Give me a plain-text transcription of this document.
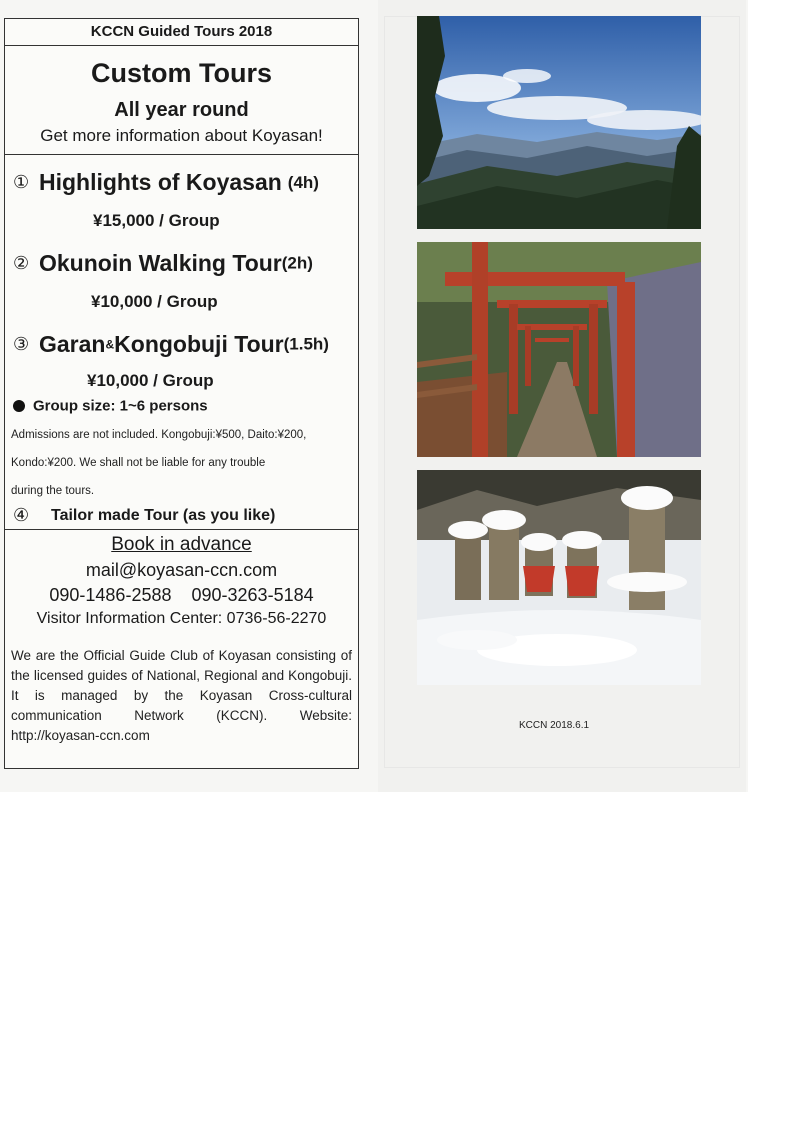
KCCN Guided Tours 2018
Custom Tours
All year round
Get more information about Koyasan!
① Highlights of Koyasan (4h)
¥15,000 / Group
② Okunoin Walking Tour(2h)
¥10,000 / Group
③ Garan&Kongobuji Tour(1.5h)
¥10,000 / Group
Group size: 1~6 persons
Admissions are not included. Kongobuji:¥500, Daito:¥200,
Kondo:¥200. We shall not be liable for any trouble
during the tours.
④ Tailor made Tour (as you like)
Book in advance
mail@koyasan-ccn.com
090-1486-2588 090-3263-5184
Visitor Information Center: 0736-56-2270
We are the Official Guide Club of Koyasan consisting of the licensed guides of National, Regional and Kongobuji. It is managed by the Koyasan Cross-cultural communication Network (KCCN). Website: http://koyasan-ccn.com
KCCN 2018.6.1
